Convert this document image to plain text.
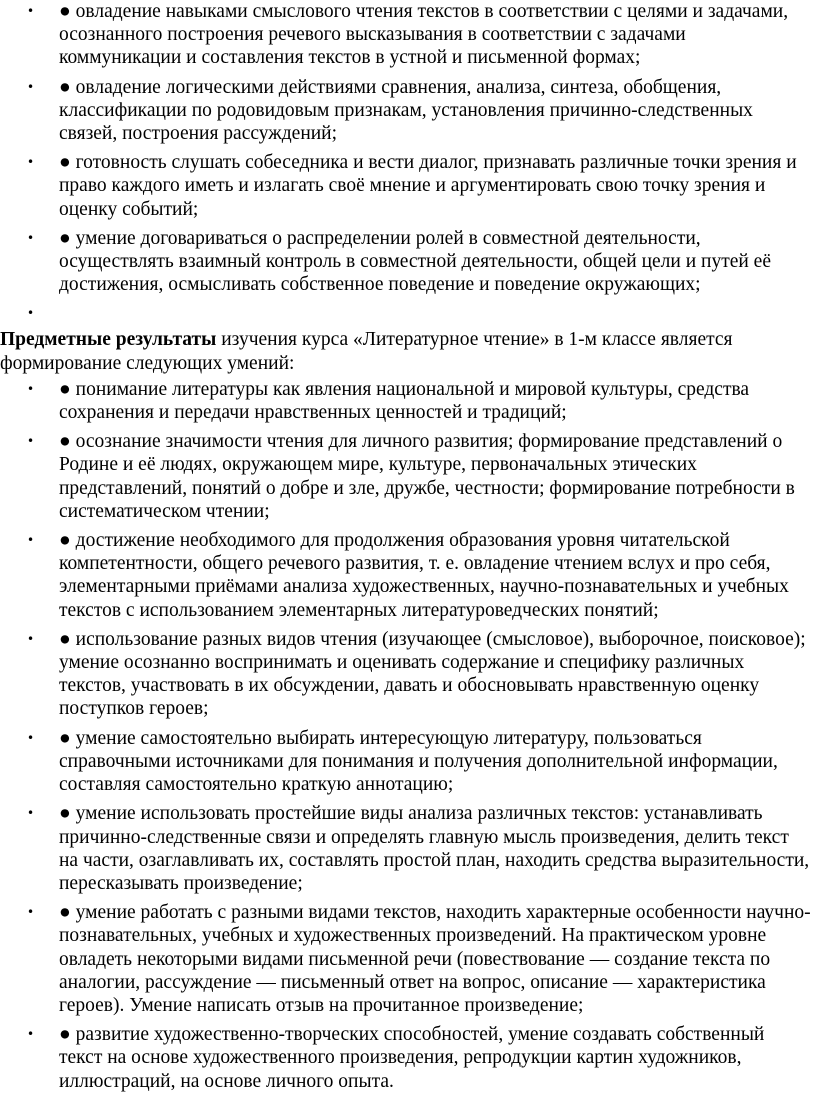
• ● овладение навыками смыслового чтения текстов в соответствии с целями и задачами, осознанного построения речевого высказывания в соответствии с задачами коммуникации и составления текстов в устной и письменной формах;
• ● овладение логическими действиями сравнения, анализа, синтеза, обобщения, классификации по родовидовым признакам, установления причинно-следственных связей, построения рассуждений;
• ● готовность слушать собеседника и вести диалог, признавать различные точки зрения и право каждого иметь и излагать своё мнение и аргументировать свою точку зрения и оценку событий;
• ● умение договариваться о распределении ролей в совместной деятельности, осуществлять взаимный контроль в совместной деятельности, общей цели и путей её достижения, осмысливать собственное поведение и поведение окружающих;
•

Предметные результаты изучения курса «Литературное чтение» в 1-м классе является формирование следующих умений:

• ● понимание литературы как явления национальной и мировой культуры, средства сохранения и передачи нравственных ценностей и традиций;
• ● осознание значимости чтения для личного развития; формирование представлений о Родине и её людях, окружающем мире, культуре, первоначальных этических представлений, понятий о добре и зле, дружбе, честности; формирование потребности в систематическом чтении;
• ● достижение необходимого для продолжения образования уровня читательской компетентности, общего речевого развития, т. е. овладение чтением вслух и про себя, элементарными приёмами анализа художественных, научно-познавательных и учебных текстов с использованием элементарных литературоведческих понятий;
• ● использование разных видов чтения (изучающее (смысловое), выборочное, поисковое); умение осознанно воспринимать и оценивать содержание и специфику различных текстов, участвовать в их обсуждении, давать и обосновывать нравственную оценку поступков героев;
• ● умение самостоятельно выбирать интересующую литературу, пользоваться справочными источниками для понимания и получения дополнительной информации, составляя самостоятельно краткую аннотацию;
• ● умение использовать простейшие виды анализа различных текстов: устанавливать причинно-следственные связи и определять главную мысль произведения, делить текст на части, озаглавливать их, составлять простой план, находить средства выразительности, пересказывать произведение;
• ● умение работать с разными видами текстов, находить характерные особенности научно-познавательных, учебных и художественных произведений. На практическом уровне овладеть некоторыми видами письменной речи (повествование — создание текста по аналогии, рассуждение — письменный ответ на вопрос, описание — характеристика героев). Умение написать отзыв на прочитанное произведение;
• ● развитие художественно-творческих способностей, умение создавать собственный текст на основе художественного произведения, репродукции картин художников, иллюстраций, на основе личного опыта.
